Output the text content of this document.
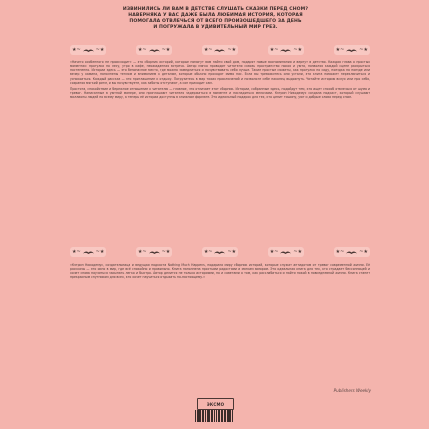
ИЗВИНИЛИСЬ ЛИ ВАМ В ДЕТСТВЕ СЛУШАТЬ СКАЗКИ ПЕРЕД СНОМ?
НАВЕРНЯКА У ВАС ДАЖЕ БЫЛА ЛЮБИМАЯ ИСТОРИЯ, КОТОРАЯ
ПОМОГАЛА ОТВЛЕЧЬСЯ ОТ ВСЕГО ПРОИЗОШЕДШЕГО ЗА ДЕНЬ
И ПОГРУЖАЛА В УДИВИТЕЛЬНЫЙ МИР ГРЕЗ.
★~	~★	★~	~★	★~	~★	★~	~★	★~	~★

«Ничего особенного не происходит» — это сборник историй, которые помогут вам найти свой дом, подарят новые воспоминания и вернут в детство. Каждая глава о простых моментах: прогулка по лесу, утро в кафе, неожиданная встреча. Автор мягко проводит читателя сквозь пространство покоя и уюта, позволяя каждой сцене раскрыться постепенно. Истории здесь — это безопасное место, где можно замедлиться и почувствовать себя лучше. Такие простые сюжеты, как прогулка по саду, поездка на поезде или вечер у камина, наполнены теплом и вниманием к деталям, которые обычно проходят мимо нас. Если вы тревожитесь или устали, эта книга поможет переключиться и успокоиться. Каждый рассказ — это приглашение к отдыху. Погрузитесь в мир тихих приключений и позвольте себе наконец выдохнуть. Читайте историю вслух или про себя, сохраняя мягкий ритм, и вы почувствуете, как заботы отступают, а сон приходит сам.

Простота, спокойствие и бережное отношение к читателю — главное, что отличает этот сборник. Истории, собранные здесь, подойдут тем, кто ищет способ отвлечься от шума и тревог. Написанные в уютной манере, они приглашают читателя задержаться в моменте и насладиться мелочами. Кэтрин Никодемус создала подкаст, который слушают миллионы людей по всему миру, а теперь её истории доступны в книжном формате. Это идеальный подарок для тех, кто ценит тишину, уют и добрые слова перед сном.

★~	~★	★~	~★	★~	~★	★~	~★	★~	~★

«Кэтрин Никодемус, создательница и ведущая подкаста Nothing Much Happens, подарила миру сборник историй, которые служат антидотом от тревог современной жизни. Её рассказы — это окно в мир, где всё спокойно и правильно. Книга наполнена простыми радостями и мягким юмором. Это идеальная книга для тех, кто страдает бессонницей и хочет снова научиться засыпать легко и быстро. Автор делится не только историями, но и советами о том, как расслабиться и найти покой в повседневной жизни. Книга станет прекрасным спутником для всех, кто хочет научиться отдыхать по-настоящему.»

Publishers Weekly
ЭКСМО
